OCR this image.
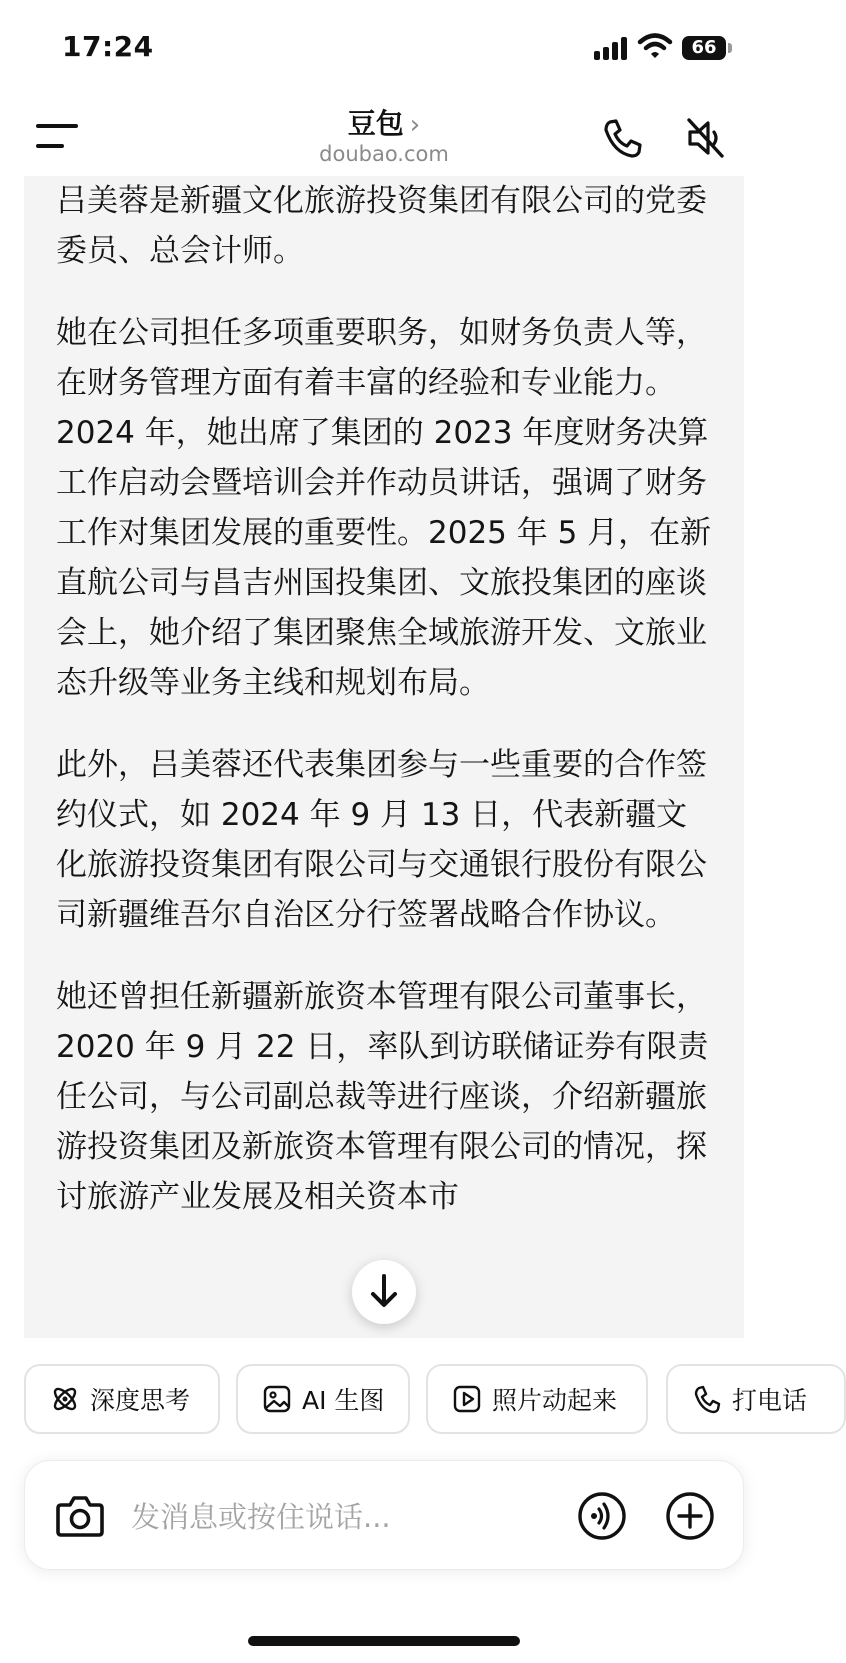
17:24	66
豆包 ›
doubao.com

吕美蓉是新疆文化旅游投资集团有限公司的党委委员、总会计师。

她在公司担任多项重要职务，如财务负责人等，在财务管理方面有着丰富的经验和专业能力。2024 年，她出席了集团的 2023 年度财务决算工作启动会暨培训会并作动员讲话，强调了财务工作对集团发展的重要性。2025 年 5 月，在新直航公司与昌吉州国投集团、文旅投集团的座谈会上，她介绍了集团聚焦全域旅游开发、文旅业态升级等业务主线和规划布局。

此外，吕美蓉还代表集团参与一些重要的合作签约仪式，如 2024 年 9 月 13 日，代表新疆文化旅游投资集团有限公司与交通银行股份有限公司新疆维吾尔自治区分行签署战略合作协议。

她还曾担任新疆新旅资本管理有限公司董事长，2020 年 9 月 22 日，率队到访联储证券有限责任公司，与公司副总裁等进行座谈，介绍新疆旅游投资集团及新旅资本管理有限公司的情况，探讨旅游产业发展及相关资本市

深度思考	AI 生图	照片动起来	打电话
发消息或按住说话...
